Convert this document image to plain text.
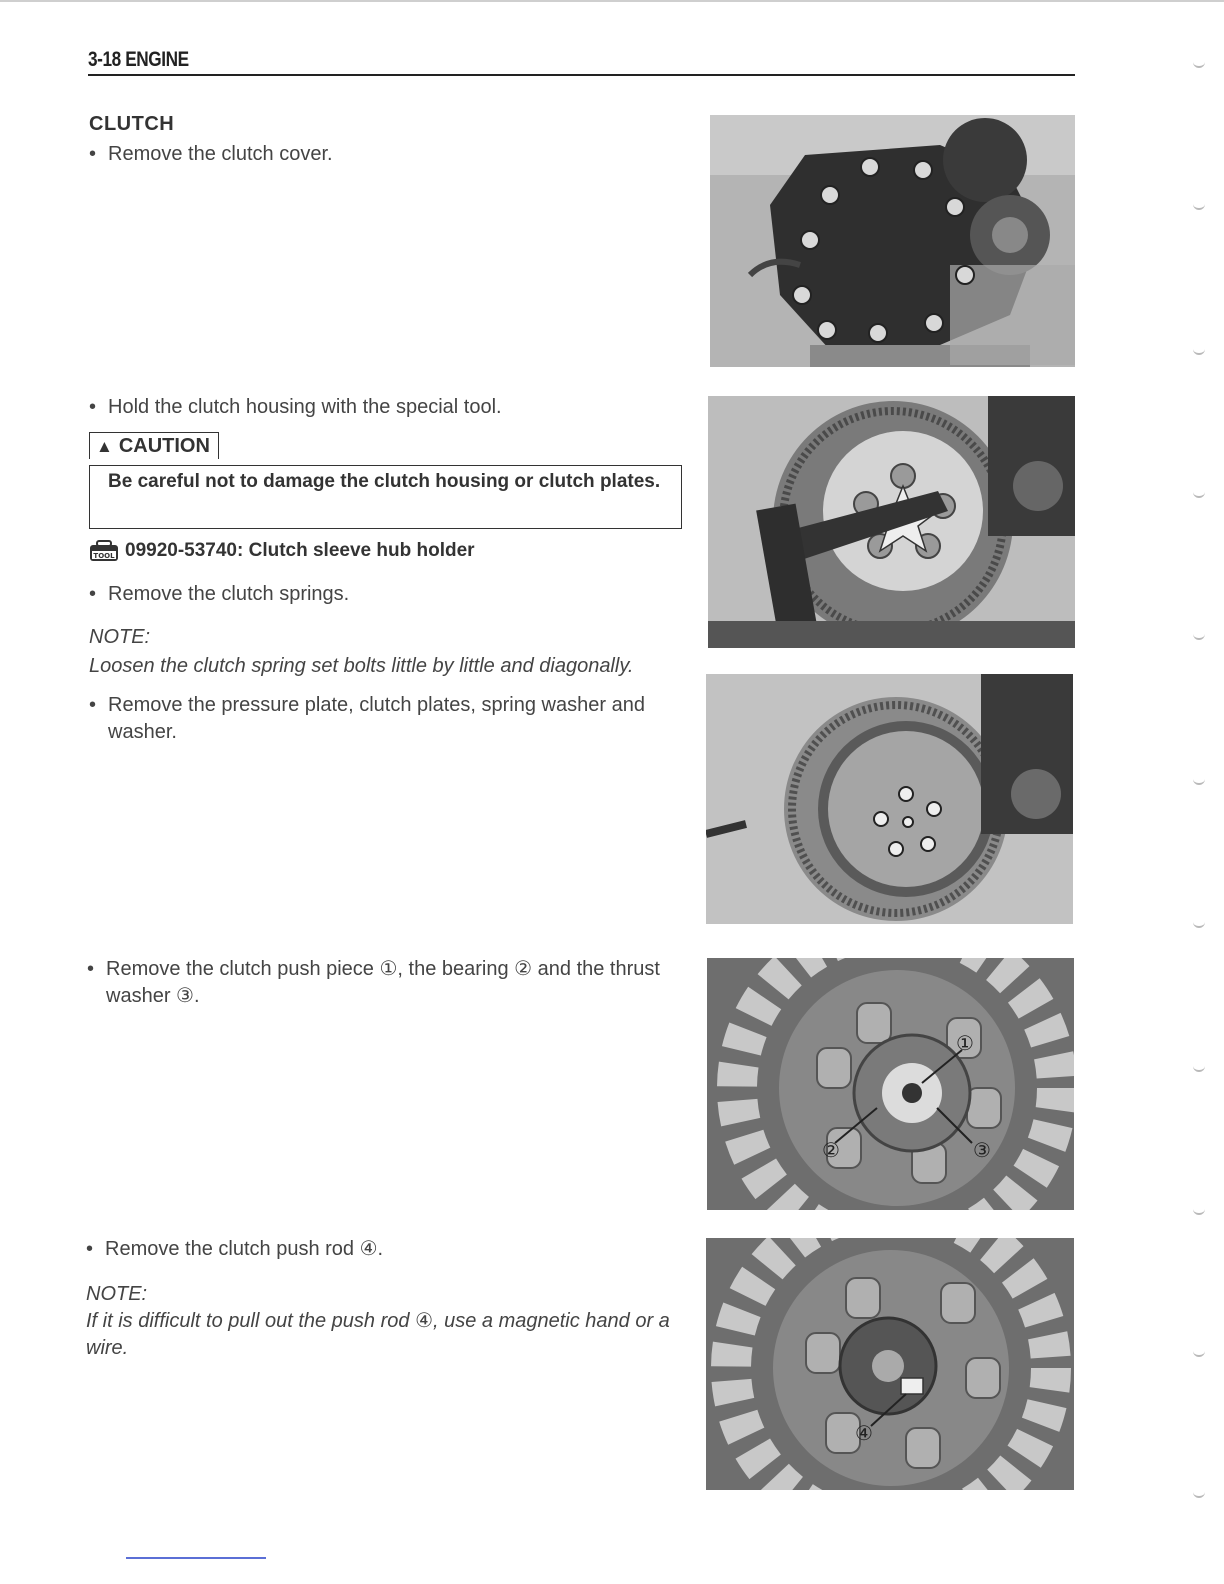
3-18 ENGINE
CLUTCH
• Remove the clutch cover.
• Hold the clutch housing with the special tool.
▲ CAUTION
Be careful not to damage the clutch housing or clutch plates.
TOOL 09920-53740: Clutch sleeve hub holder
• Remove the clutch springs.
NOTE:
Loosen the clutch spring set bolts little by little and diagonally.
• Remove the pressure plate, clutch plates, spring washer and washer.
• Remove the clutch push piece ①, the bearing ② and the thrust washer ③.
• Remove the clutch push rod ④.
NOTE:
If it is difficult to pull out the push rod ④, use a magnetic hand or a wire.
①
②	③
④
